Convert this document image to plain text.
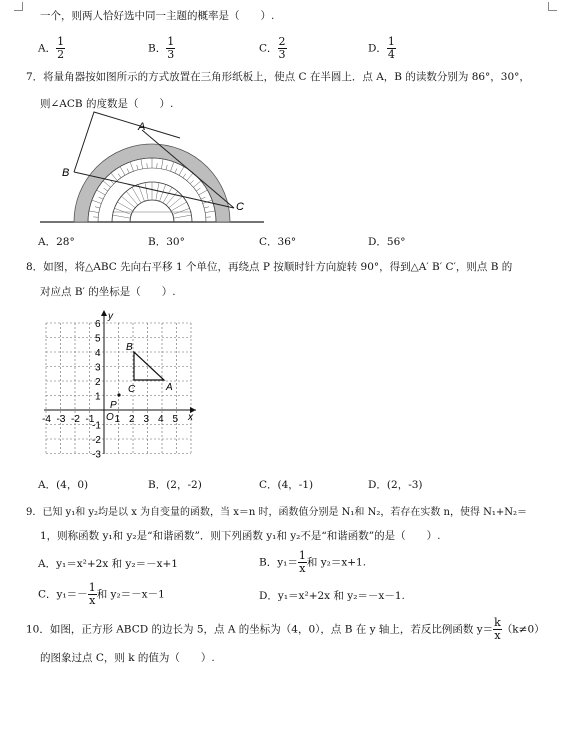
一个，则两人恰好选中同一主题的概率是（　　）.
A． $\frac{1}{2}$	B． $\frac{1}{3}$	C． $\frac{2}{3}$	D． $\frac{1}{4}$
7．将量角器按如图所示的方式放置在三角形纸板上，使点 C 在半圆上．点 A，B 的读数分别为 86°，30°，
则∠ACB 的度数是（　　）.
A
B
C
A．28°	B．30°	C．36°	D．56°
8．如图，将△ABC 先向右平移 1 个单位，再绕点 P 按顺时针方向旋转 90°，得到△A′ B′ C′，则点 B 的
对应点 B′ 的坐标是（　　）.
y
x
-4 -3 -2 -1 1 2 3 4 5
6
5
4
3
2
1
-1
-2
-3
O
B
C	A
P
A．(4，0)	B．(2，-2)	C．(4，-1)	D．(2，-3)
9．已知 y₁和 y₂均是以 x 为自变量的函数，当 x＝n 时，函数值分别是 N₁和 N₂，若存在实数 n，使得 N₁+N₂＝
1，则称函数 y₁和 y₂是“和谐函数”．则下列函数 y₁和 y₂不是“和谐函数”的是（　　）.
A．y₁＝x²+2x 和 y₂＝－x+1	B．$y_1= \frac{1}{x}$ 和 y₂＝x+1.
C．$y_1=- \frac{1}{x}$ 和 y₂＝－x－1	D．y₁＝x²+2x 和 y₂＝－x－1.
10．如图，正方形 ABCD 的边长为 5，点 A 的坐标为（4，0），点 B 在 y 轴上，若反比例函数 $y= \frac{k}{x} (k\ne 0)$
的图象过点 C，则 k 的值为（　　）.
